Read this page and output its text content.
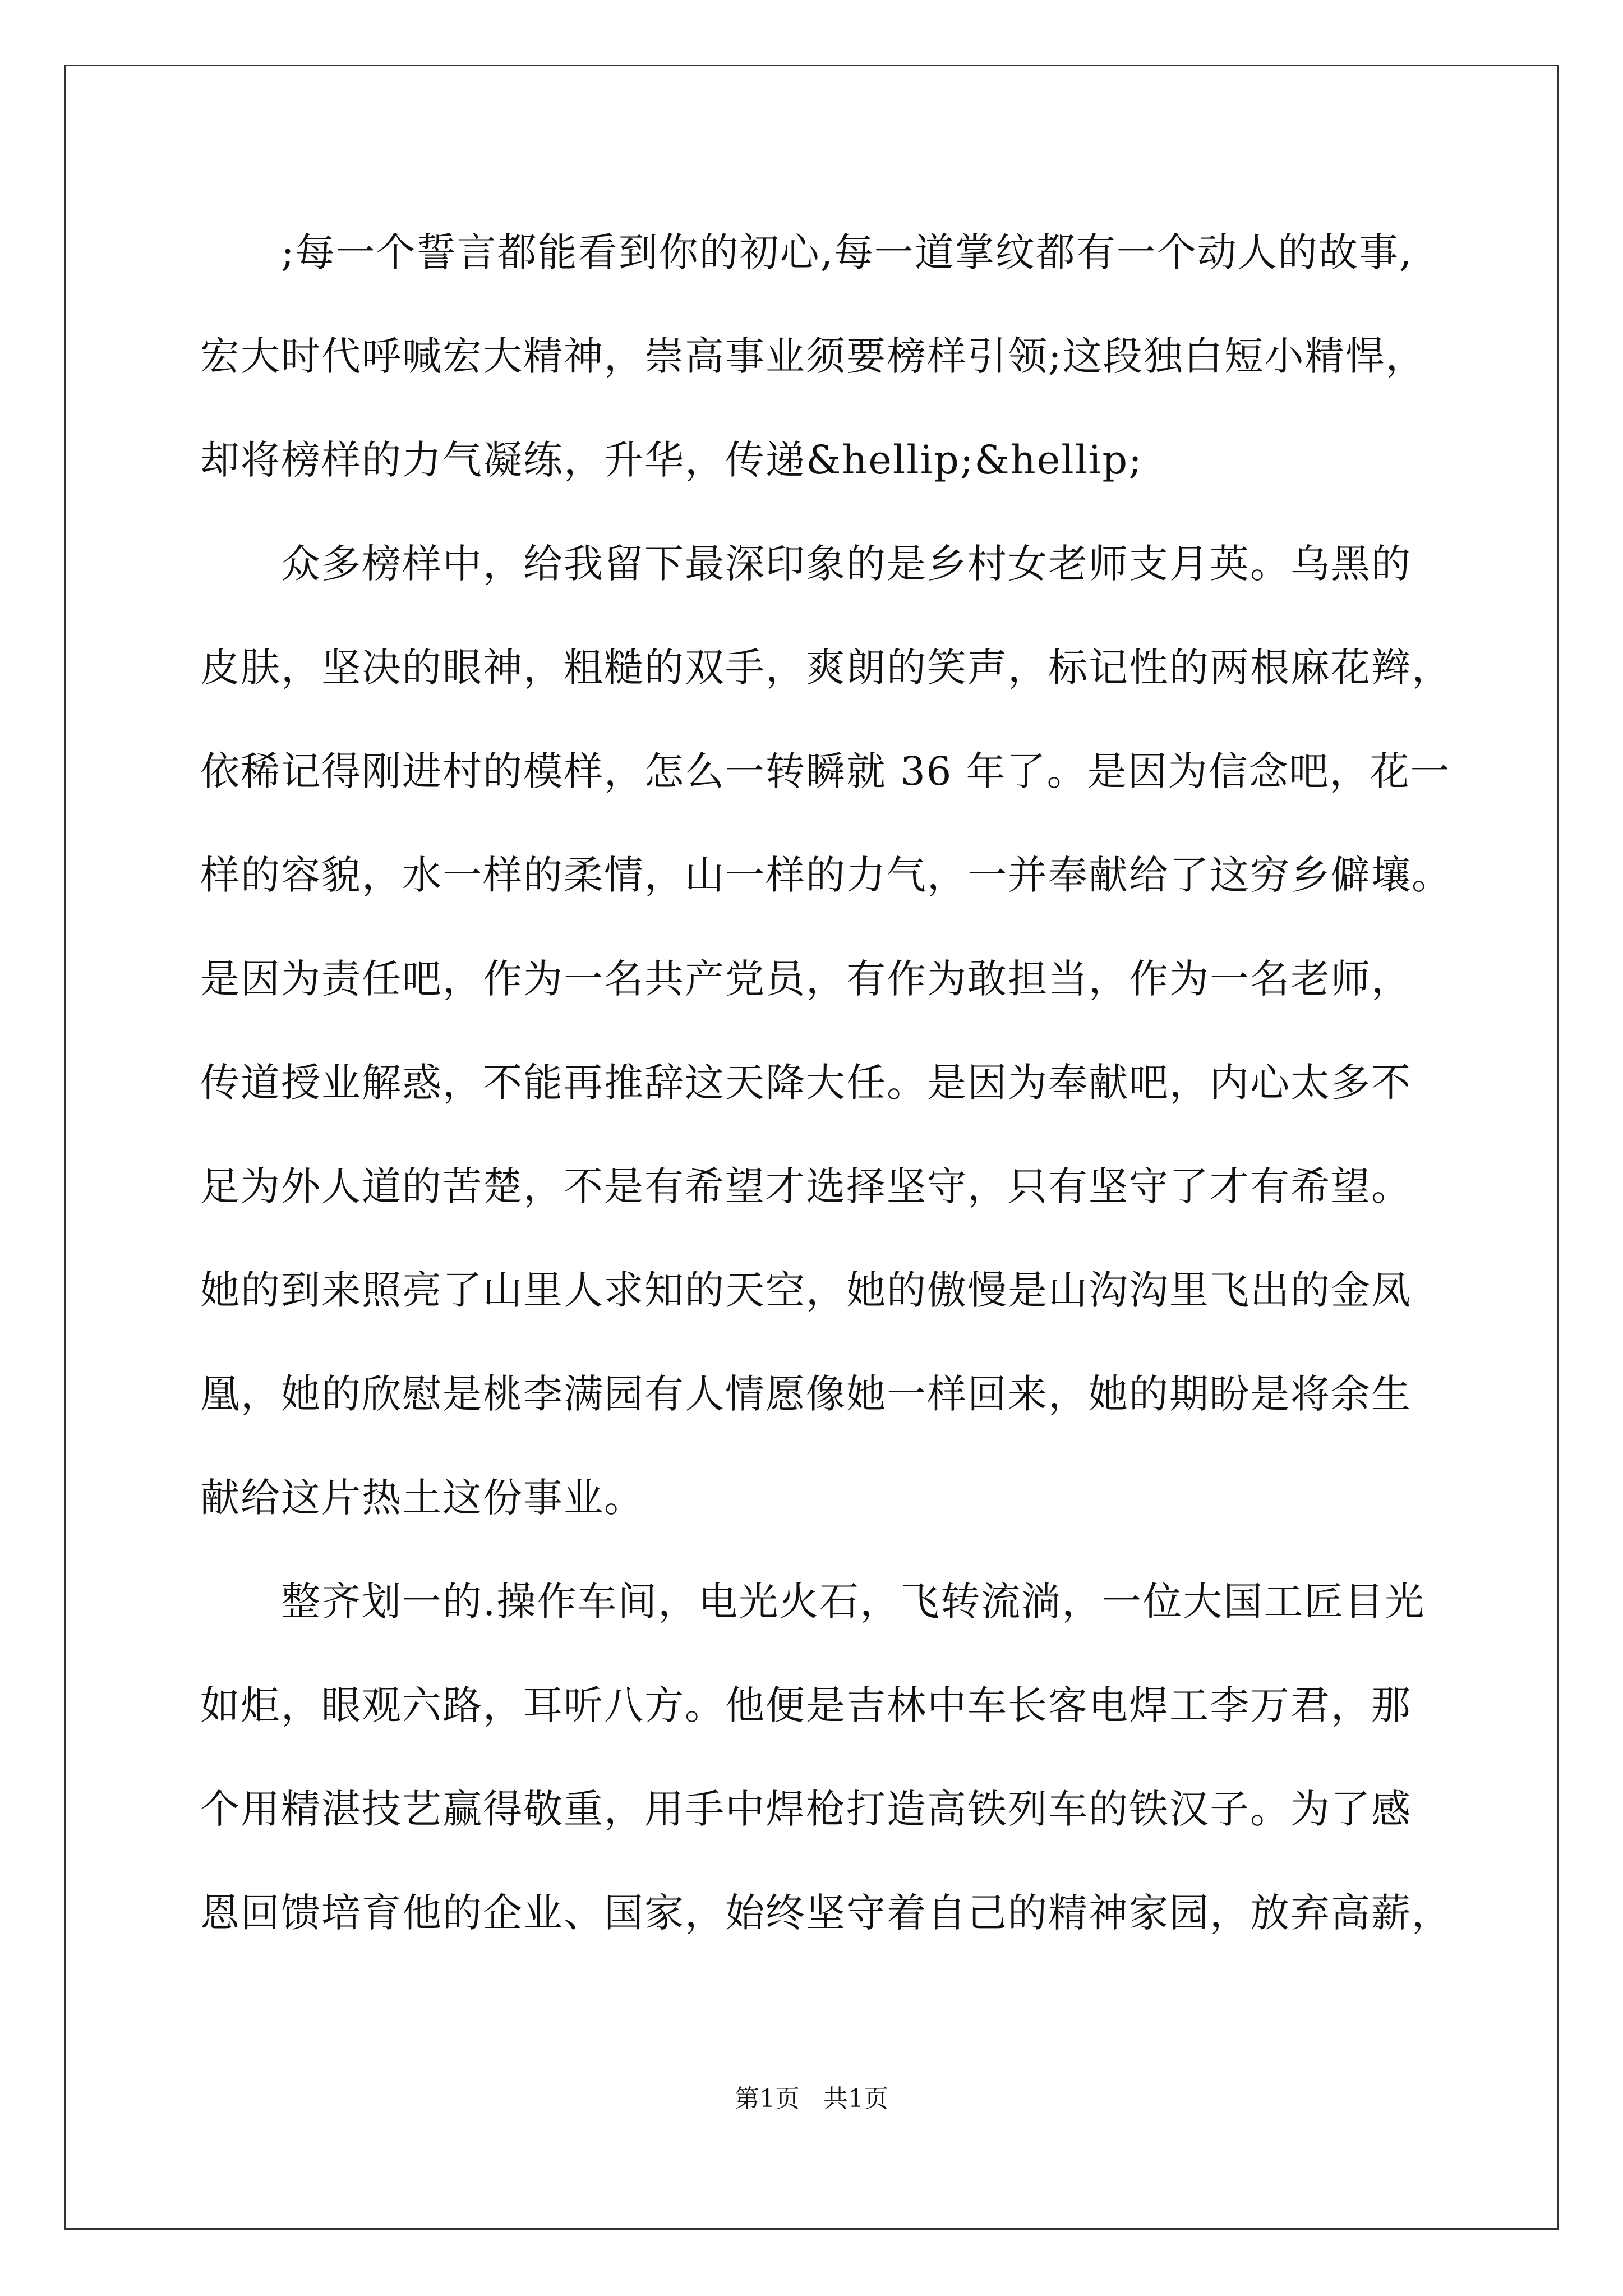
　　;每一个誓言都能看到你的初心,每一道掌纹都有一个动人的故事,
宏大时代呼喊宏大精神，崇高事业须要榜样引领;这段独白短小精悍，
却将榜样的力气凝练，升华，传递&hellip;&hellip;
　　众多榜样中，给我留下最深印象的是乡村女老师支月英。乌黑的
皮肤，坚决的眼神，粗糙的双手，爽朗的笑声，标记性的两根麻花辫，
依稀记得刚进村的模样，怎么一转瞬就 36 年了。是因为信念吧，花一
样的容貌，水一样的柔情，山一样的力气，一并奉献给了这穷乡僻壤。
是因为责任吧，作为一名共产党员，有作为敢担当，作为一名老师，
传道授业解惑，不能再推辞这天降大任。是因为奉献吧，内心太多不
足为外人道的苦楚，不是有希望才选择坚守，只有坚守了才有希望。
她的到来照亮了山里人求知的天空，她的傲慢是山沟沟里飞出的金凤
凰，她的欣慰是桃李满园有人情愿像她一样回来，她的期盼是将余生
献给这片热土这份事业。
　　整齐划一的.操作车间，电光火石，飞转流淌，一位大国工匠目光
如炬，眼观六路，耳听八方。他便是吉林中车长客电焊工李万君，那
个用精湛技艺赢得敬重，用手中焊枪打造高铁列车的铁汉子。为了感
恩回馈培育他的企业、国家，始终坚守着自己的精神家园，放弃高薪，
第1页 共1页
